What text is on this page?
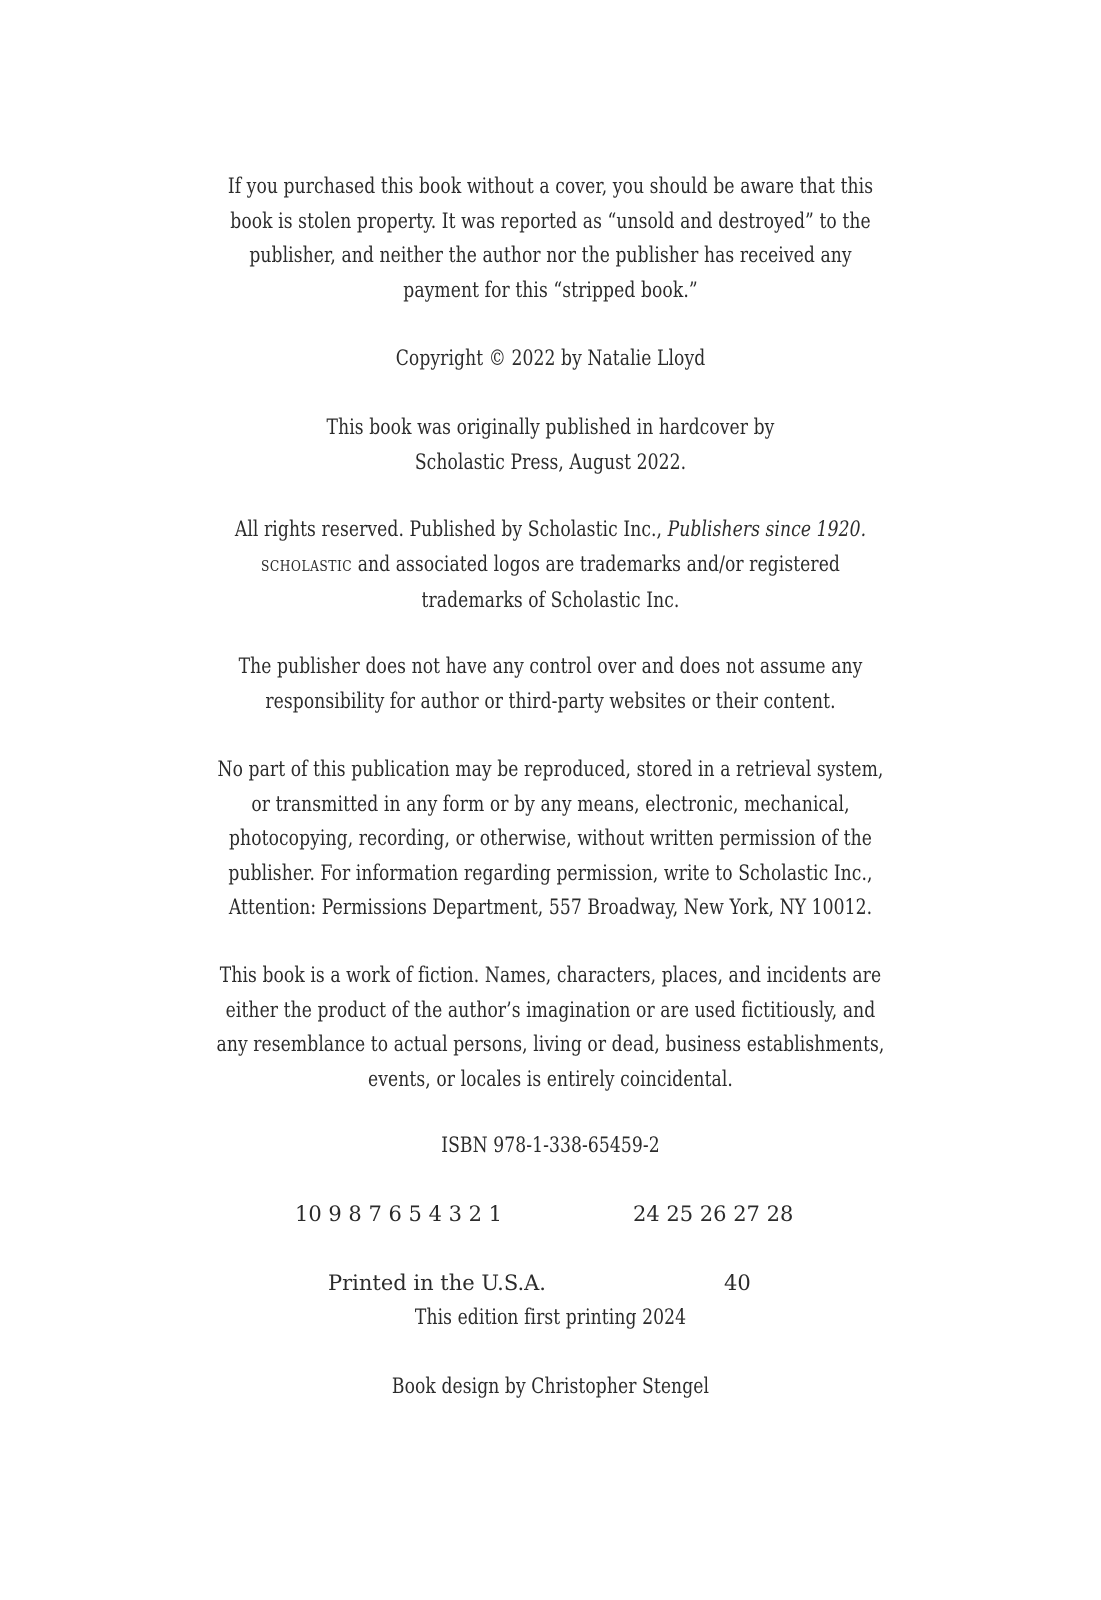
If you purchased this book without a cover, you should be aware that this
book is stolen property. It was reported as “unsold and destroyed” to the
publisher, and neither the author nor the publisher has received any
payment for this “stripped book.”
Copyright © 2022 by Natalie Lloyd
This book was originally published in hardcover by
Scholastic Press, August 2022.
All rights reserved. Published by Scholastic Inc., Publishers since 1920.
SCHOLASTIC and associated logos are trademarks and/or registered
trademarks of Scholastic Inc.
The publisher does not have any control over and does not assume any
responsibility for author or third-party websites or their content.
No part of this publication may be reproduced, stored in a retrieval system,
or transmitted in any form or by any means, electronic, mechanical,
photocopying, recording, or otherwise, without written permission of the
publisher. For information regarding permission, write to Scholastic Inc.,
Attention: Permissions Department, 557 Broadway, New York, NY 10012.
This book is a work of fiction. Names, characters, places, and incidents are
either the product of the author’s imagination or are used fictitiously, and
any resemblance to actual persons, living or dead, business establishments,
events, or locales is entirely coincidental.
ISBN 978-1-338-65459-2
10 9 8 7 6 5 4 3 2 1	24 25 26 27 28
Printed in the U.S.A.	40
This edition first printing 2024
Book design by Christopher Stengel
